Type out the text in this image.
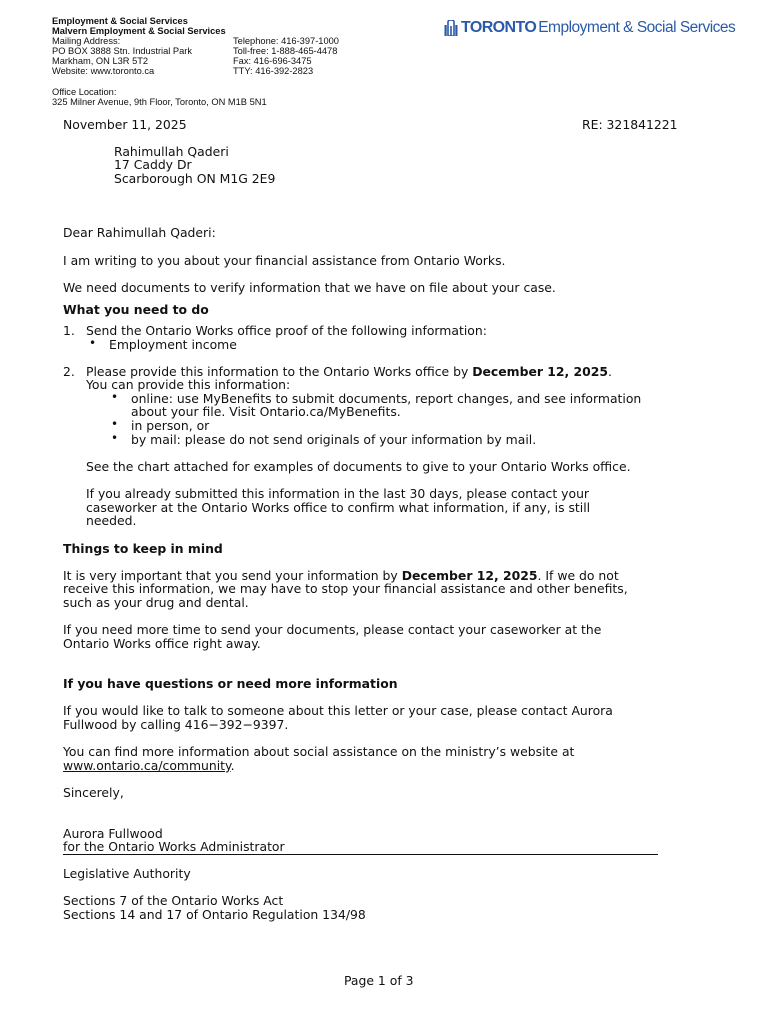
Employment & Social Services
Malvern Employment & Social Services
Mailing Address:	Telephone: 416-397-1000
PO BOX 3888 Stn. Industrial Park	Toll-free: 1-888-465-4478
Markham, ON L3R 5T2	Fax: 416-696-3475
Website: www.toronto.ca	TTY: 416-392-2823
Office Location:
325 Milner Avenue, 9th Floor, Toronto, ON M1B 5N1
TORONTO Employment & Social Services
November 11, 2025	RE: 321841221
Rahimullah Qaderi
17 Caddy Dr
Scarborough ON M1G 2E9
Dear Rahimullah Qaderi:
I am writing to you about your financial assistance from Ontario Works.
We need documents to verify information that we have on file about your case.
What you need to do
1. Send the Ontario Works office proof of the following information:
• Employment income
2. Please provide this information to the Ontario Works office by December 12, 2025.
You can provide this information:
• online: use MyBenefits to submit documents, report changes, and see information
about your file. Visit Ontario.ca/MyBenefits.
• in person, or
• by mail: please do not send originals of your information by mail.
See the chart attached for examples of documents to give to your Ontario Works office.
If you already submitted this information in the last 30 days, please contact your
caseworker at the Ontario Works office to confirm what information, if any, is still
needed.
Things to keep in mind
It is very important that you send your information by December 12, 2025. If we do not
receive this information, we may have to stop your financial assistance and other benefits,
such as your drug and dental.
If you need more time to send your documents, please contact your caseworker at the
Ontario Works office right away.
If you have questions or need more information
If you would like to talk to someone about this letter or your case, please contact Aurora
Fullwood by calling 416−392−9397.
You can find more information about social assistance on the ministry’s website at
www.ontario.ca/community.
Sincerely,
Aurora Fullwood
for the Ontario Works Administrator
Legislative Authority
Sections 7 of the Ontario Works Act
Sections 14 and 17 of Ontario Regulation 134/98
Page 1 of 3
